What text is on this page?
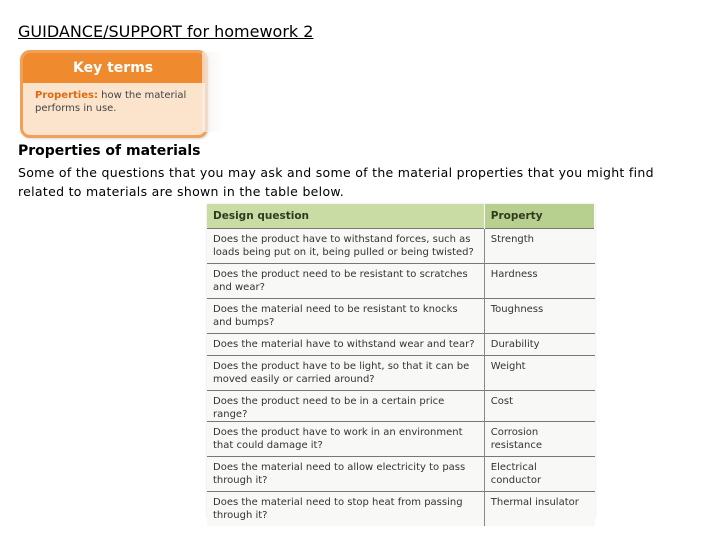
GUIDANCE/SUPPORT for homework 2
Key terms
Properties: how the material performs in use.
Properties of materials
Some of the questions that you may ask and some of the material properties that you might find related to materials are shown in the table below.
Design question	Property
Does the product have to withstand forces, such as loads being put on it, being pulled or being twisted?	Strength
Does the product need to be resistant to scratches and wear?	Hardness
Does the material need to be resistant to knocks and bumps?	Toughness
Does the material have to withstand wear and tear?	Durability
Does the product have to be light, so that it can be moved easily or carried around?	Weight
Does the product need to be in a certain price range?	Cost
Does the product have to work in an environment that could damage it?	Corrosion resistance
Does the material need to allow electricity to pass through it?	Electrical conductor
Does the material need to stop heat from passing through it?	Thermal insulator
